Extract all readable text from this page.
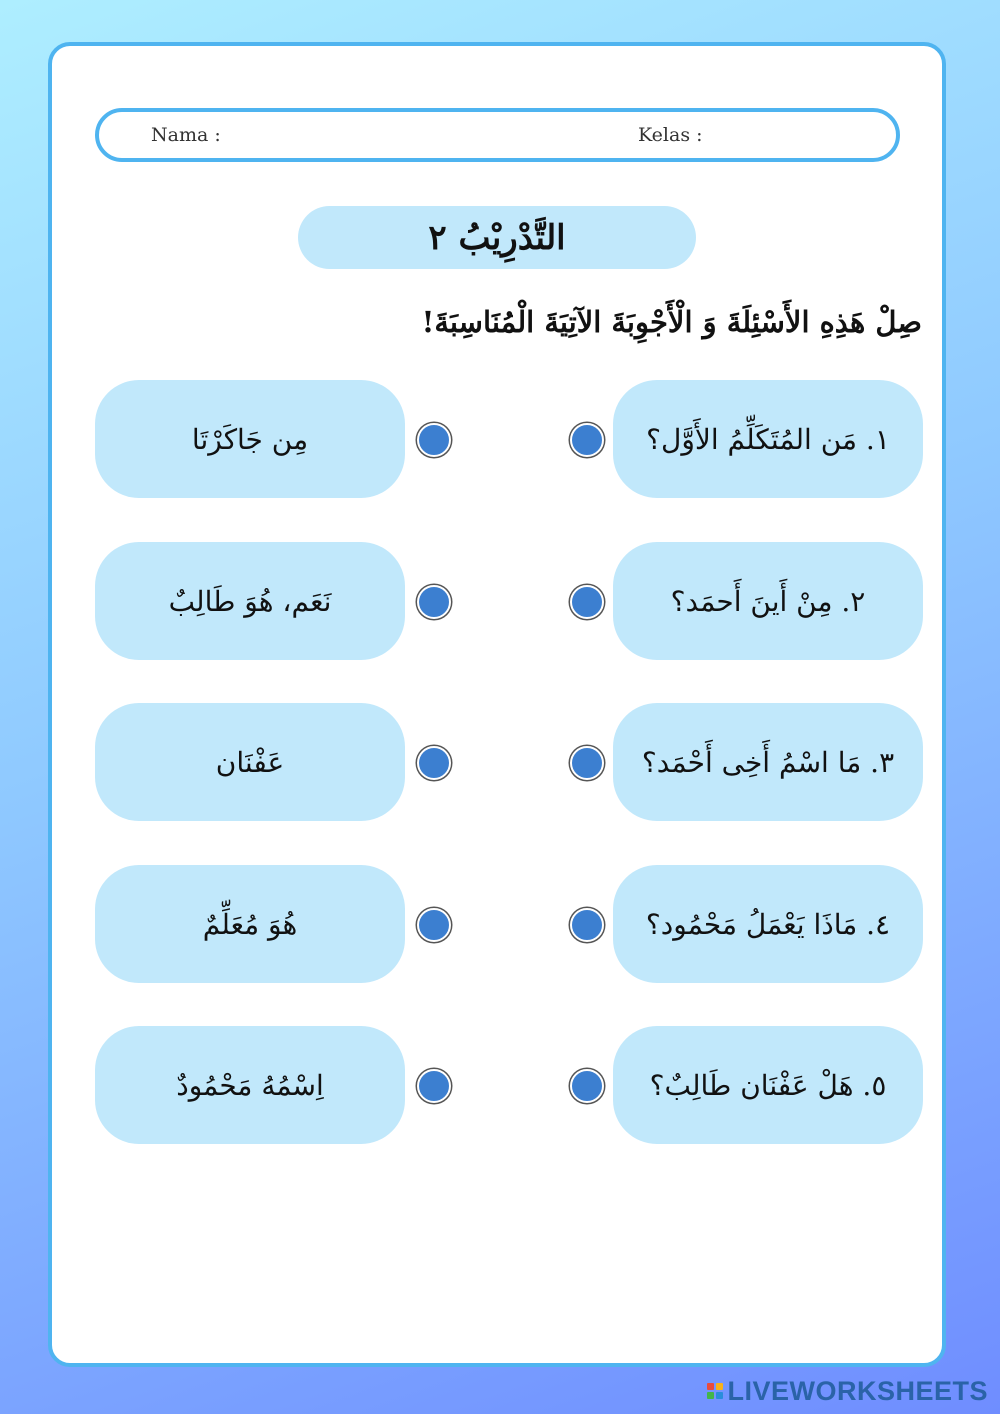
Nama :	Kelas :
التَّدْرِيْبُ ٢
صِلْ هَذِهِ الأَسْئِلَةَ وَ الْأَجْوِبَةَ الآتِيَةَ الْمُنَاسِبَةَ!
١. مَن المُتَكَلِّمُ الأَوَّل؟
٢. مِنْ أَينَ أَحمَد؟
٣. مَا اسْمُ أَخِى أَحْمَد؟
٤. مَاذَا يَعْمَلُ مَحْمُود؟
٥. هَلْ عَفْنَان طَالِبٌ؟
مِن جَاكَرْتَا
نَعَم، هُوَ طَالِبٌ
عَفْنَان
هُوَ مُعَلِّمٌ
اِسْمُهُ مَحْمُودٌ
LIVEWORKSHEETS
